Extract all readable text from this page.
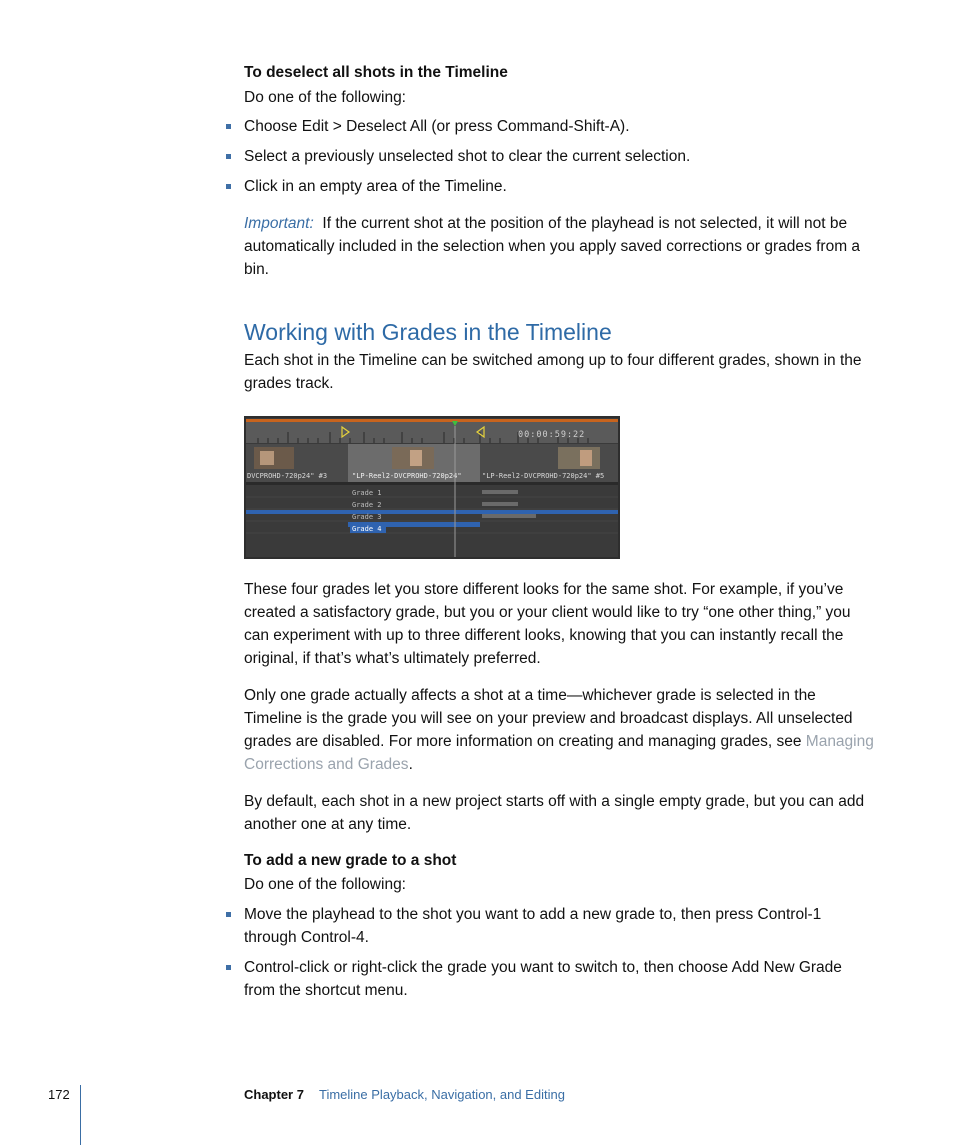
To deselect all shots in the Timeline
Do one of the following:
Choose Edit > Deselect All (or press Command-Shift-A).
Select a previously unselected shot to clear the current selection.
Click in an empty area of the Timeline.
Important: If the current shot at the position of the playhead is not selected, it will not be automatically included in the selection when you apply saved corrections or grades from a bin.
Working with Grades in the Timeline
Each shot in the Timeline can be switched among up to four different grades, shown in the grades track.
00:00:59:22
DVCPROHD-720p24" #3	"LP-Reel2-DVCPROHD-720p24"	"LP-Reel2-DVCPROHD-720p24" #5
Grade 1
Grade 2
Grade 3
Grade 4
These four grades let you store different looks for the same shot. For example, if you’ve created a satisfactory grade, but you or your client would like to try “one other thing,” you can experiment with up to three different looks, knowing that you can instantly recall the original, if that’s what’s ultimately preferred.
Only one grade actually affects a shot at a time—whichever grade is selected in the Timeline is the grade you will see on your preview and broadcast displays. All unselected grades are disabled. For more information on creating and managing grades, see Managing Corrections and Grades.
By default, each shot in a new project starts off with a single empty grade, but you can add another one at any time.
To add a new grade to a shot
Do one of the following:
Move the playhead to the shot you want to add a new grade to, then press Control-1 through Control-4.
Control-click or right-click the grade you want to switch to, then choose Add New Grade from the shortcut menu.
172	Chapter 7 Timeline Playback, Navigation, and Editing
